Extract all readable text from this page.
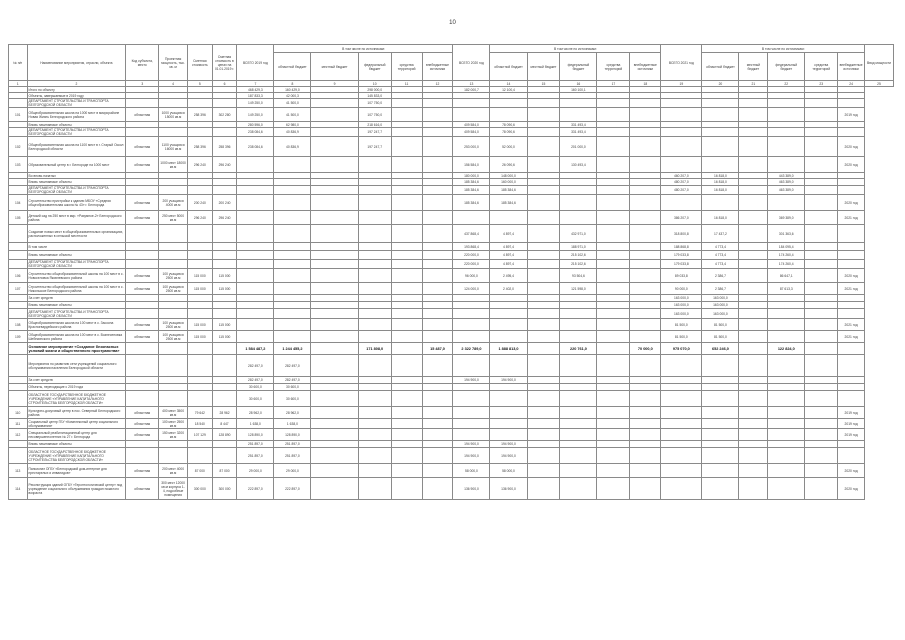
10
№ п/п	Наименование мероприятия, отрасли, объекта	Код субъекта, место	Проектная мощность, тыс. кв. м	Сметная стоимость	Сметная стоимость в ценах на 01.01.2019 г.	ВСЕГО 2019 год	В том числе по источникам:					ВСЕГО 2020 год	В том числе по источникам:					ВСЕГО 2021 год	В том числе по источникам:					Ввод мощности
							областной бюджет	местный бюджет	федеральный бюджет	средства территорий	внебюджетные источники		областной бюджет	местный бюджет	федеральный бюджет	средства территорий	внебюджетные источники		областной бюджет	местный бюджет	федеральный бюджет	средства территорий	внебюджетные источники	
1	2	3	4	5	6	7	8	9	10	11	12	13	14	15	16	17	18	19	20	21	22	23	24	25
	Итого по объекту					468 429,3	160 429,0		298 000,0			182 000,7	12 100,4		160 100,1									
	Объекты, завершаемые в 2019 году					187 833,3	42 000,3		145 833,0															
	ДЕПАРТАМЕНТ СТРОИТЕЛЬСТВА И ТРАНСПОРТА БЕЛГОРОДСКОЙ ОБЛАСТИ					149 250,0	41 500,0		107 750,0															
101	Общеобразовательная школа на 1000 мест в микрорайоне Новая Жизнь Белгородского района	областная	1000 учащихся 15000 кв.м	258 396	302 280	149 250,0	41 500,0		107 750,0														2019 год	
	Вновь начинаемые объекты					280 596,0	62 980,0		218 616,0			409 584,0	78 090,6		331 493,4									
	ДЕПАРТАМЕНТ СТРОИТЕЛЬСТВА И ТРАНСПОРТА БЕЛГОРОДСКОЙ ОБЛАСТИ					238 084,6	40 836,9		197 247,7			409 584,0	78 090,6		331 493,4									
102	Общеобразовательная школа на 1100 мест в г. Старый Оскол Белгородской области	областная	1100 учащихся 16000 кв.м	258 396	258 396	238 084,6	40 836,9		197 247,7			253 000,0	52 000,0		201 000,0								2020 год	
103	Образовательный центр в г. Белгороде на 1000 мест	областная	1000 мест 18000 кв.м	296 240	296 240							156 584,0	26 090,6		130 493,4								2020 год	
	Во вновь начатых											180 000,0	148 000,0					460 207,0	16 818,0		443 389,0			
	Вновь начинаемые объекты											185 384,6	160 000,0					480 207,0	16 818,0		463 389,0			
	ДЕПАРТАМЕНТ СТРОИТЕЛЬСТВА И ТРАНСПОРТА БЕЛГОРОДСКОЙ ОБЛАСТИ											185 384,6	185 384,6					480 207,0	16 818,0		463 389,0			
104	Строительство пристройки к зданию МБОУ «Средняя общеобразовательная школа № 43» г. Белгорода	областная	200 учащихся 4000 кв.м	200 240	200 240							185 384,6	185 384,6										2020 год	
105	Детский сад на 250 мест в мкр. «Разумное-2» Белгородского района	областная	250 мест 5000 кв.м	296 240	296 240													386 207,0	16 818,0		369 389,0		2021 год	
	Создание новых мест в общеобразовательных организациях, расположенных в сельской местности											437 868,4	4 897,4		432 971,0			318 800,8	17 437,2		301 363,6			
	В том числе											193 868,4	4 897,4		188 971,0			188 868,8	4 773,4		184 095,4			
	Вновь начинаемые объекты											220 000,0	4 897,4		215 102,6			179 033,8	4 773,4		174 260,4			
	ДЕПАРТАМЕНТ СТРОИТЕЛЬСТВА И ТРАНСПОРТА БЕЛГОРОДСКОЙ ОБЛАСТИ											220 000,0	4 897,4		215 102,6			179 033,8	4 773,4		174 260,4			
106	Строительство общеобразовательной школы на 100 мест в с. Новоселовка Яковлевского района	областная	100 учащихся 2500 кв.м	115 000	115 000							96 000,0	2 495,4		93 504,6			89 033,8	2 386,7		86 647,1		2020 год	
107	Строительство общеобразовательной школы на 100 мест в с. Никольское Белгородского района	областная	100 учащихся 2500 кв.м	115 000	115 000							124 000,0	2 402,0		121 598,0			90 000,0	2 386,7		87 613,3		2021 год	
	За счет средств																	163 000,0	163 000,0					
	Вновь начинаемые объекты																	163 000,0	163 000,0					
	ДЕПАРТАМЕНТ СТРОИТЕЛЬСТВА И ТРАНСПОРТА БЕЛГОРОДСКОЙ ОБЛАСТИ																	163 000,0	163 000,0					
108	Общеобразовательная школа на 100 мест в с. Засосна Красногвардейского района	областная	100 учащихся 2500 кв.м	115 000	115 000													81 500,0	81 500,0				2021 год	
109	Общеобразовательная школа на 100 мест в с. Вознесеновка Шебекинского района	областная	100 учащихся 2500 кв.м	115 000	115 000													81 500,0	81 500,0				2021 год	
	Основное мероприятие «Создание безопасных условий жизни и общественного пространства»					1 584 487,2	1 244 455,2		171 808,0		15 487,0	2 322 789,0	1 888 813,0		220 761,0		70 000,0	975 070,0	652 246,0		122 824,0			
	Мероприятия по развитию сети учреждений социального обслуживания населения Белгородской области					282 497,0	282 497,0																	
	За счет средств					282 497,0	282 497,0					194 900,0	194 900,0											
	Объекты, переходящие с 2019 года					30 600,0	30 600,0																	
	ОБЛАСТНОЕ ГОСУДАРСТВЕННОЕ БЮДЖЕТНОЕ УЧРЕЖДЕНИЕ «УПРАВЛЕНИЕ КАПИТАЛЬНОГО СТРОИТЕЛЬСТВА БЕЛГОРОДСКОЙ ОБЛАСТИ»					30 600,0	30 600,0																	
110	Культурно-досуговый центр в пос. Северный Белгородского района	областная	400 мест 3500 кв.м	79 642	28 962	28 962,0	28 962,0																2019 год	
111	Социальный центр ГБУ «Комплексный центр социального обслуживания»	областная	100 мест 2500 кв.м	18 540	8 447	1 638,0	1 638,0																2019 год	
112	Специальный реабилитационный центр для несовершеннолетних № 27 г. Белгорода	областная	150 мест 3200 кв.м	107 129	128 890	128 890,0	128 890,0																2019 год	
	Вновь начинаемые объекты					251 897,0	251 897,0					194 900,0	194 900,0											
	ОБЛАСТНОЕ ГОСУДАРСТВЕННОЕ БЮДЖЕТНОЕ УЧРЕЖДЕНИЕ «УПРАВЛЕНИЕ КАПИТАЛЬНОГО СТРОИТЕЛЬСТВА БЕЛГОРОДСКОЙ ОБЛАСТИ»					251 897,0	251 897,0					194 900,0	194 900,0											
113	Пансионат ОГБУ «Белгородский дом-интернат для престарелых и инвалидов»	областная	200 мест 4000 кв.м	87 000	87 000	29 000,0	29 000,0					58 000,0	58 000,0										2020 год	
114	Реконструкция зданий ОГБУ «Геронтологический центр» под учреждение социального обслуживания граждан пожилого возраста	областная	300 мест 12000 кв.м корпуса 1-4, подсобные помещения	300 000	300 000	222 897,0	222 897,0					136 900,0	136 900,0										2020 год	
